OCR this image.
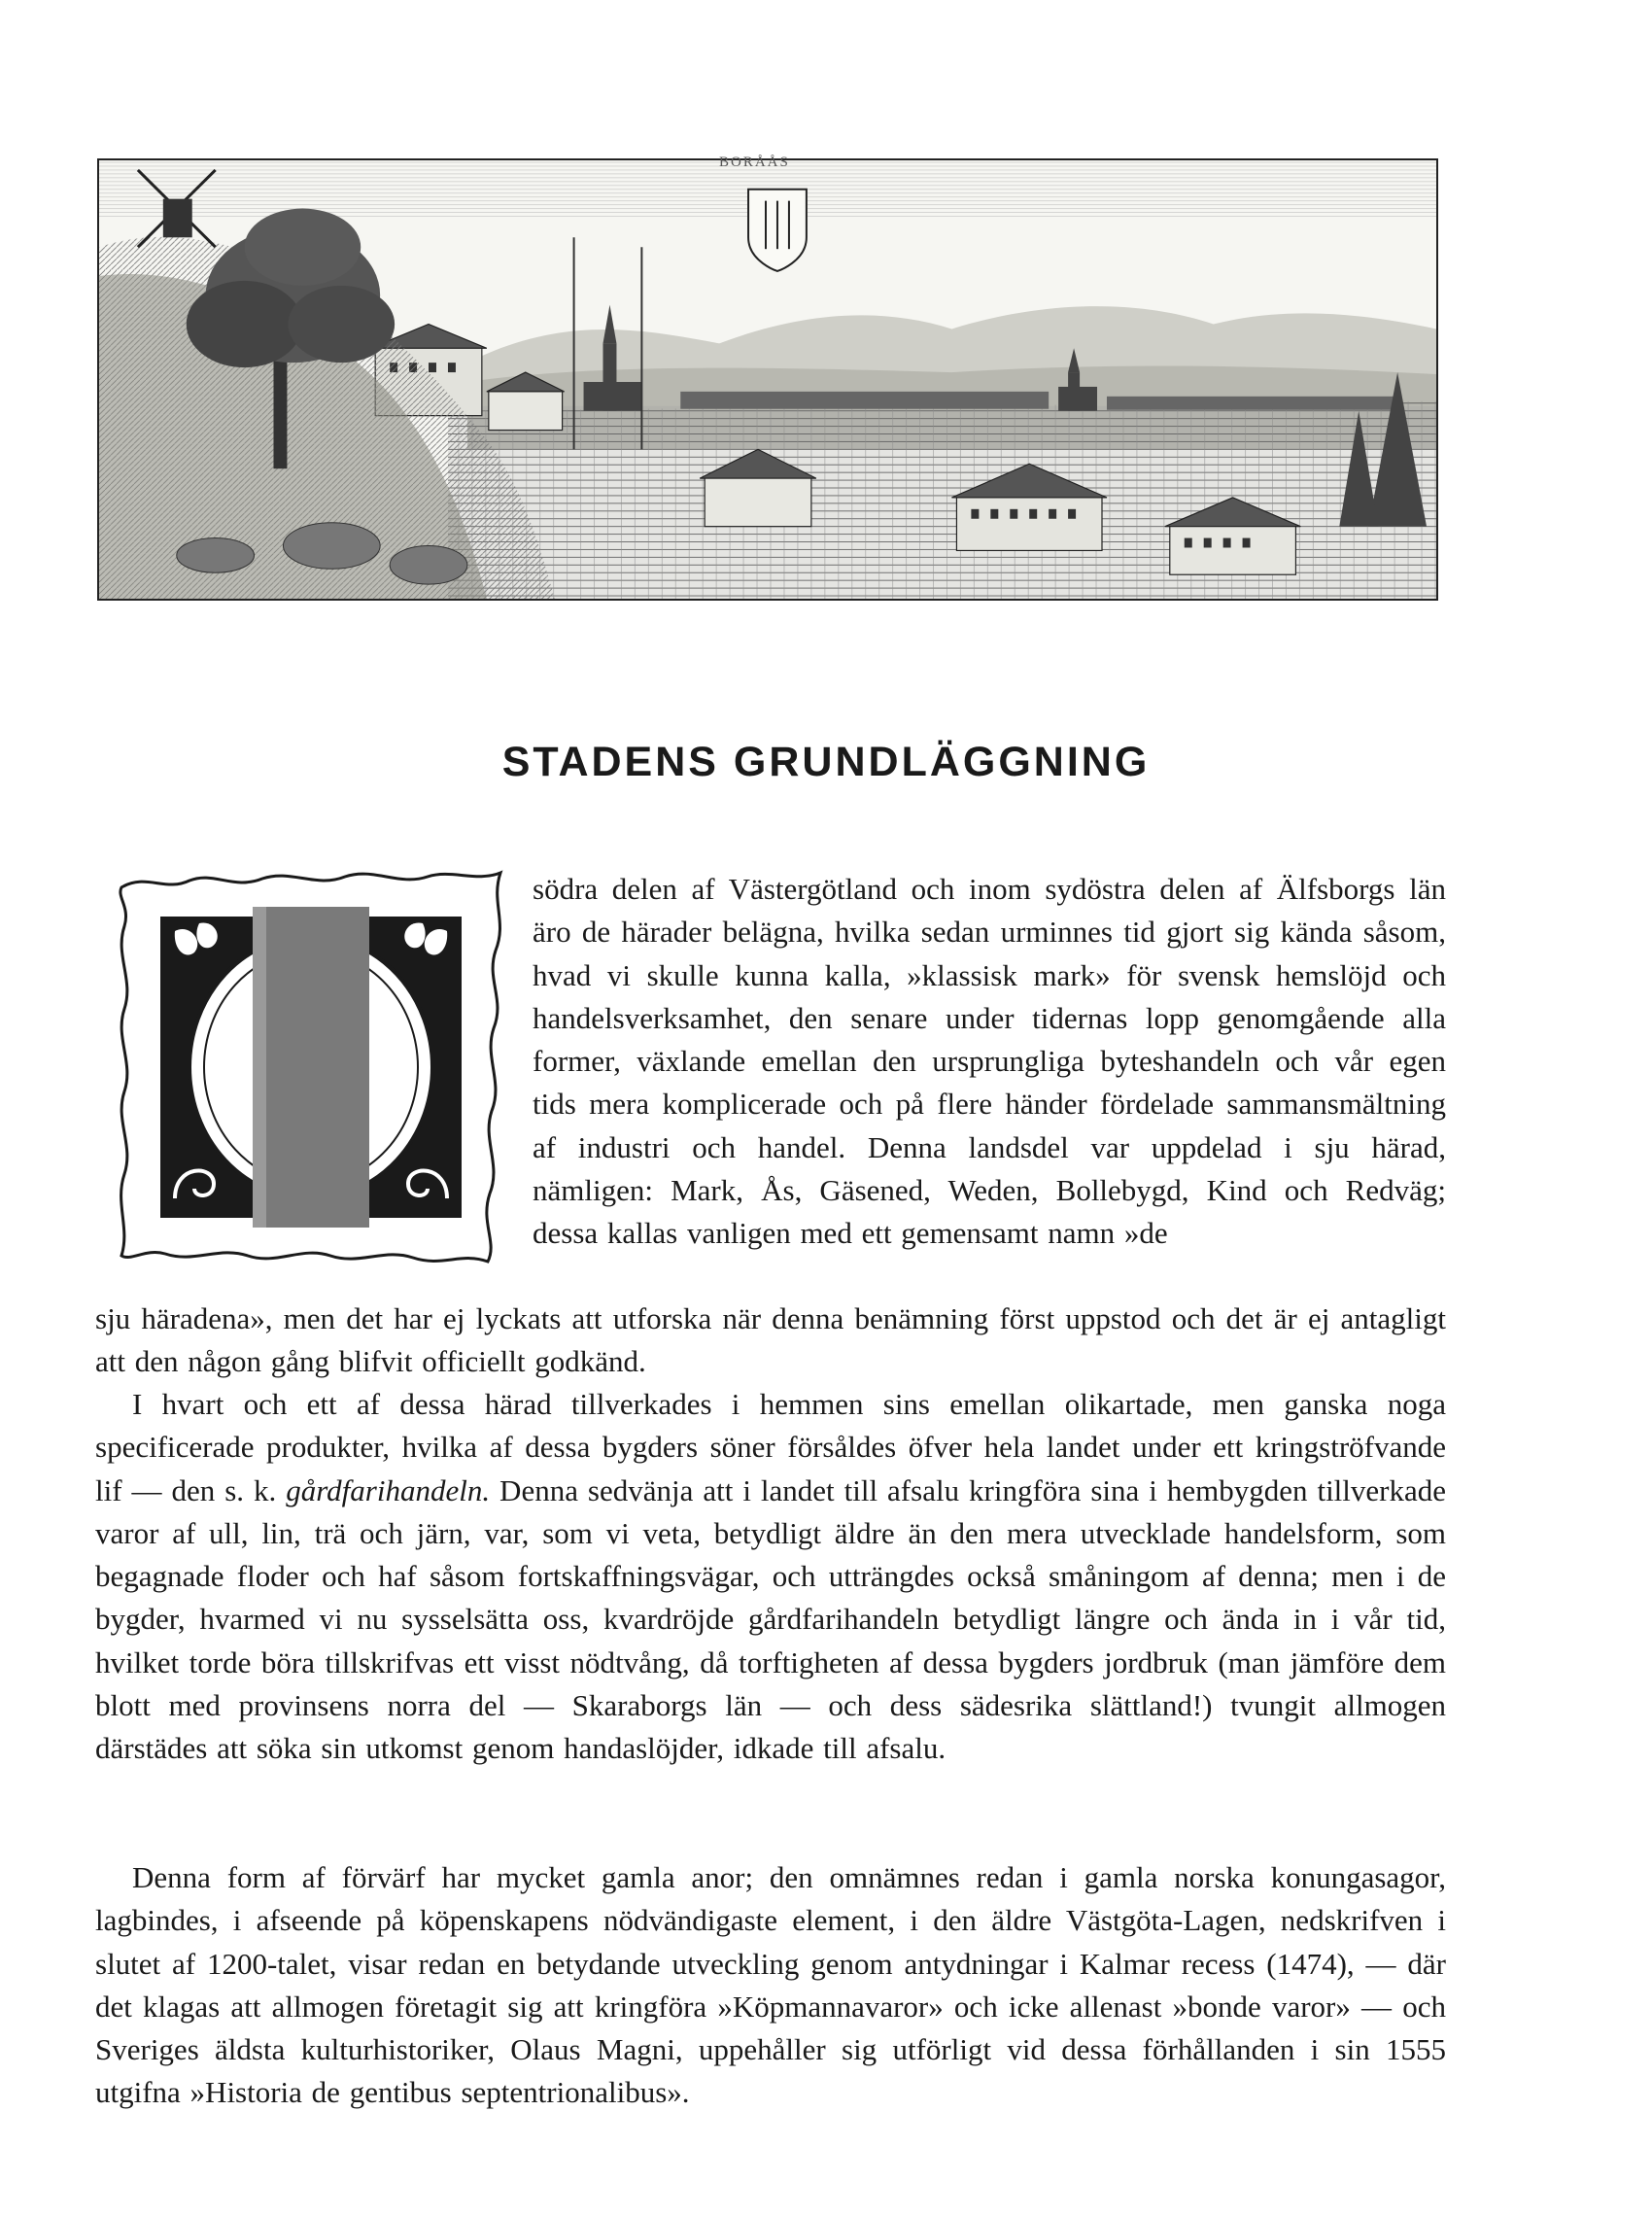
BORÅÅS
STADENS GRUNDLÄGGNING

södra delen af Västergötland och inom sydöstra delen af Älfsborgs län äro de härader belägna, hvilka sedan urminnes tid gjort sig kända såsom, hvad vi skulle kunna kalla, »klassisk mark» för svensk hemslöjd och handelsverksamhet, den senare under tidernas lopp genomgående alla former, växlande emellan den ursprungliga byteshandeln och vår egen tids mera komplicerade och på flere händer fördelade sammansmältning af industri och handel. Denna landsdel var uppdelad i sju härad, nämligen: Mark, Ås, Gäsened, Weden, Bollebygd, Kind och Redväg; dessa kallas vanligen med ett gemensamt namn »de

sju häradena», men det har ej lyckats att utforska när denna benämning först uppstod och det är ej antagligt att den någon gång blifvit officiellt godkänd.

I hvart och ett af dessa härad tillverkades i hemmen sins emellan olikartade, men ganska noga specificerade produkter, hvilka af dessa bygders söner försåldes öfver hela landet under ett kringströfvande lif — den s. k. gårdfarihandeln. Denna sedvänja att i landet till afsalu kringföra sina i hembygden tillverkade varor af ull, lin, trä och järn, var, som vi veta, betydligt äldre än den mera utvecklade handelsform, som begagnade floder och haf såsom fortskaffningsvägar, och utträngdes också småningom af denna; men i de bygder, hvarmed vi nu sysselsätta oss, kvardröjde gårdfarihandeln betydligt längre och ända in i vår tid, hvilket torde böra tillskrifvas ett visst nödtvång, då torftigheten af dessa bygders jordbruk (man jämföre dem blott med provinsens norra del — Skaraborgs län — och dess sädesrika slättland!) tvungit allmogen därstädes att söka sin utkomst genom handaslöjder, idkade till afsalu.

Denna form af förvärf har mycket gamla anor; den omnämnes redan i gamla norska konungasagor, lagbindes, i afseende på köpenskapens nödvändigaste element, i den äldre Västgöta-Lagen, nedskrifven i slutet af 1200-talet, visar redan en betydande utveckling genom antydningar i Kalmar recess (1474), — där det klagas att allmogen företagit sig att kringföra »Köpmannavaror» och icke allenast »bonde varor» — och Sveriges äldsta kulturhistoriker, Olaus Magni, uppehåller sig utförligt vid dessa förhållanden i sin 1555 utgifna »Historia de gentibus septentrionalibus».
